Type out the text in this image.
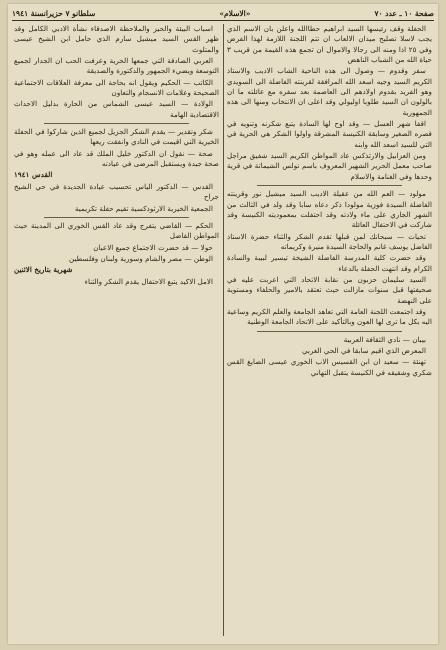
صفحة ١٠ ـ عدد ٧٠
«الاسلام»
سلطانو ٧ حزيرانسنة ١٩٤١

الحفلة وقف رئيسها السيد ابراهيم حطاالله واعلن بان الاسم الذي يجب لاسلا تصليح ميدان الالعاب ان تتم اللجنة اللازمة لهذا الفرض وفي ٢٥ اذا ومنه الى رجالا والاموال ان تجمع هذه القيمة من قريب ٣ حياة الله من الشباب الناهض

سفر وقدوم — وصول الى هذه الناحية الشاب الاديب والاستاذ الكريم السيد وجيه اسعد الله المرافقة لقرينته الفاضلة الى السويدي وهو الفريد بقدوم اولادهم الى العاصمة بعد سفره مع عائلته ما ان بالولون ان السيد طلوبا اوليولي وقد اعلى ان الانتخاب ومنها الى هذه الجمهورية

اقفا شهر العسل — وقد اوح لها السادة يتبع شكرنه وتنويه في قصره الصغير وسابقة الكنيسة المشرقة واولوا الشكر هي الحرية في التي للسيد اسعد الله وابنه

ومن العزابيل والارثذكس عاد المواطن الكريم السيد شفيق مراجل صاحب معمل الحرير الشهير المعروف باسم تولس الشيماتة في قرية وحدها وفي الغنامة والاسلام

مولود — العم الله من عقيلة الاديب السيد ميشيل نور وقرينته الفاضلة السيدة فوزية مولودا ذكر دعاه سابا وقد ولد في الثالث من الشهر الجاري على ماء ولادته وقد احتفلت بمعموديته الكنيسة وقد شاركت في الاحتفال العائلة

تحيات — سبحانك لمن قبلها تقدم الشكر والثناء حضرة الاستاذ الفاضل يوسف غانم والحاجة السيدة منيرة وكريماته

وقد حضرت كلية المدرسة الفاضلة الشيخة تيسير لبيبة والسادة الكرام وقد انتهت الحفلة بالدعاء

السيد سليمان حزبون من نقابة الاتحاد التي اعربت عليه في صحيفتها قبل سنوات مازالت حيث تعتقد بالامير والحلفاء ومستوية على النهضة

وقد اجتمعت اللجنة العامة التي تعاهد الجامعة والعلم الكريم وساعية اليه بكل ما ترى لها العون وبالتأكيد على الاتحاد الجامعة الوطنية

بيبان — نادي الثقافة العربية

المعرض الذي اقيم سابقا في الحي الغربي

تهنئة — سعيد ان ابن القسيس الاب الخوري عيسى الصايغ القس شكري وشقيقه في الكنيسة يتقبل التهاني

اسباب البيئة والحيز والملاحظة الاصدقاء نشأة الادبي الكامل وقد ظهر القس السيد ميشيل سارم الذي حامل ابن الشيخ عيسى والمتلوث

العربي الصادقة التي جمعها الحرية وعرفت الحب ان الجدار لجميع التوسعة ويضيء الجمهور والدكتورة والصديقة

الكاتب — الحكيم ويقول انه بحاجة الى معرفة العلاقات الاجتماعية الصحيحة وعلامات الانسجام والتعاون

الولادة — السيد عيسى الشماس من الحارة بدليل الاحداث الاقتصادية الهامة

شكر وتقدير — يقدم الشكر الجزيل لجميع الذين شاركوا في الحفلة الخيرية التي اقيمت في النادي وانفقت ريعها

صحة — نقول ان الدكتور خليل الملك قد عاد الى عمله وهو في صحة جيدة ويستقبل المرضى في عيادته

القدس ١٩٤١

القدس — الدكتور الياس تحسيب عيادة الجديدة في حي الشيخ جراح

الجمعية الخيرية الارثوذكسية تقيم حفلة تكريمية

الحكم — القاضي يتفرج وقد عاد القس الخوري الى المدينة حيث المواطن الفاضل

حولا — قد حضرت الاجتماع جميع الاعيان

الوطن — مصر والشام وسورية ولبنان وفلسطين

شهرية بتاريخ الاثنين

الامل الاكيد يتبع الاحتفال يقدم الشكر والثناء
